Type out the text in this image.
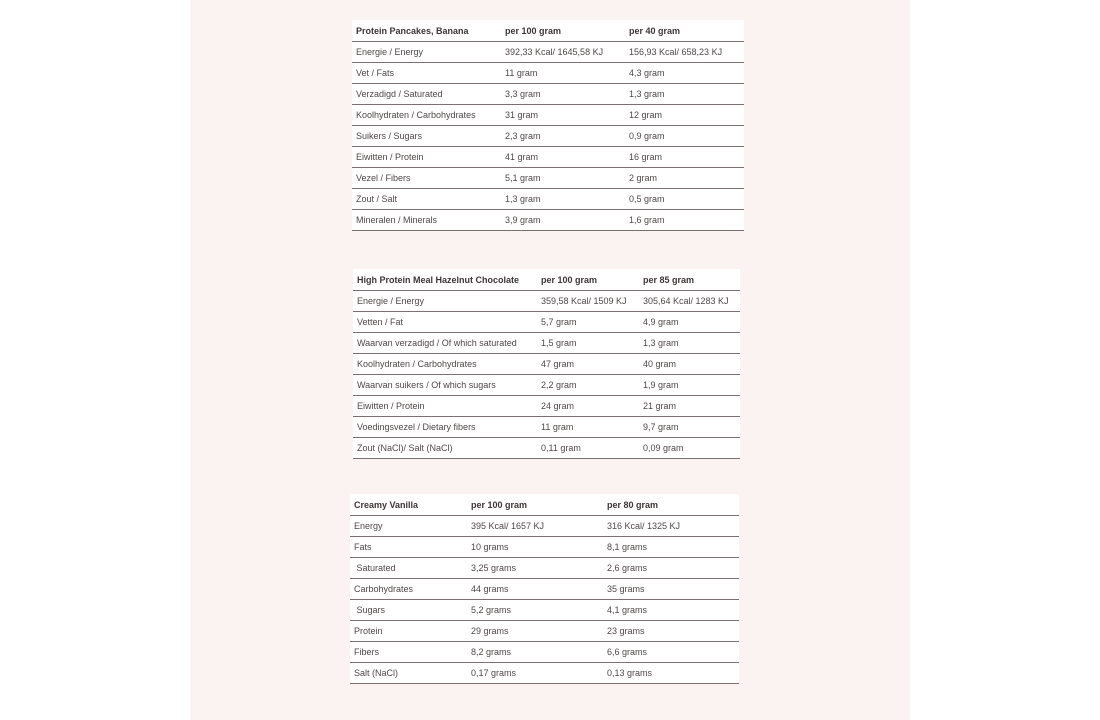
Protein Pancakes, Banana	per 100 gram	per 40 gram
Energie / Energy	392,33 Kcal/ 1645,58 KJ	156,93 Kcal/ 658,23 KJ
Vet / Fats	11 gram	4,3 gram
Verzadigd / Saturated	3,3 gram	1,3 gram
Koolhydraten / Carbohydrates	31 gram	12 gram
Suikers / Sugars	2,3 gram	0,9 gram
Eiwitten / Protein	41 gram	16 gram
Vezel / Fibers	5,1 gram	2 gram
Zout / Salt	1,3 gram	0,5 gram
Mineralen / Minerals	3,9 gram	1,6 gram
High Protein Meal Hazelnut Chocolate	per 100 gram	per 85 gram
Energie / Energy	359,58 Kcal/ 1509 KJ	305,64 Kcal/ 1283 KJ
Vetten / Fat	5,7 gram	4,9 gram
Waarvan verzadigd / Of which saturated	1,5 gram	1,3 gram
Koolhydraten / Carbohydrates	47 gram	40 gram
Waarvan suikers / Of which sugars	2,2 gram	1,9 gram
Eiwitten / Protein	24 gram	21 gram
Voedingsvezel / Dietary fibers	11 gram	9,7 gram
Zout (NaCl)/ Salt (NaCl)	0,11 gram	0,09 gram
Creamy Vanilla	per 100 gram	per 80 gram
Energy	395 Kcal/ 1657 KJ	316 Kcal/ 1325 KJ
Fats	10 grams	8,1 grams
Saturated	3,25 grams	2,6 grams
Carbohydrates	44 grams	35 grams
Sugars	5,2 grams	4,1 grams
Protein	29 grams	23 grams
Fibers	8,2 grams	6,6 grams
Salt (NaCl)	0,17 grams	0,13 grams
